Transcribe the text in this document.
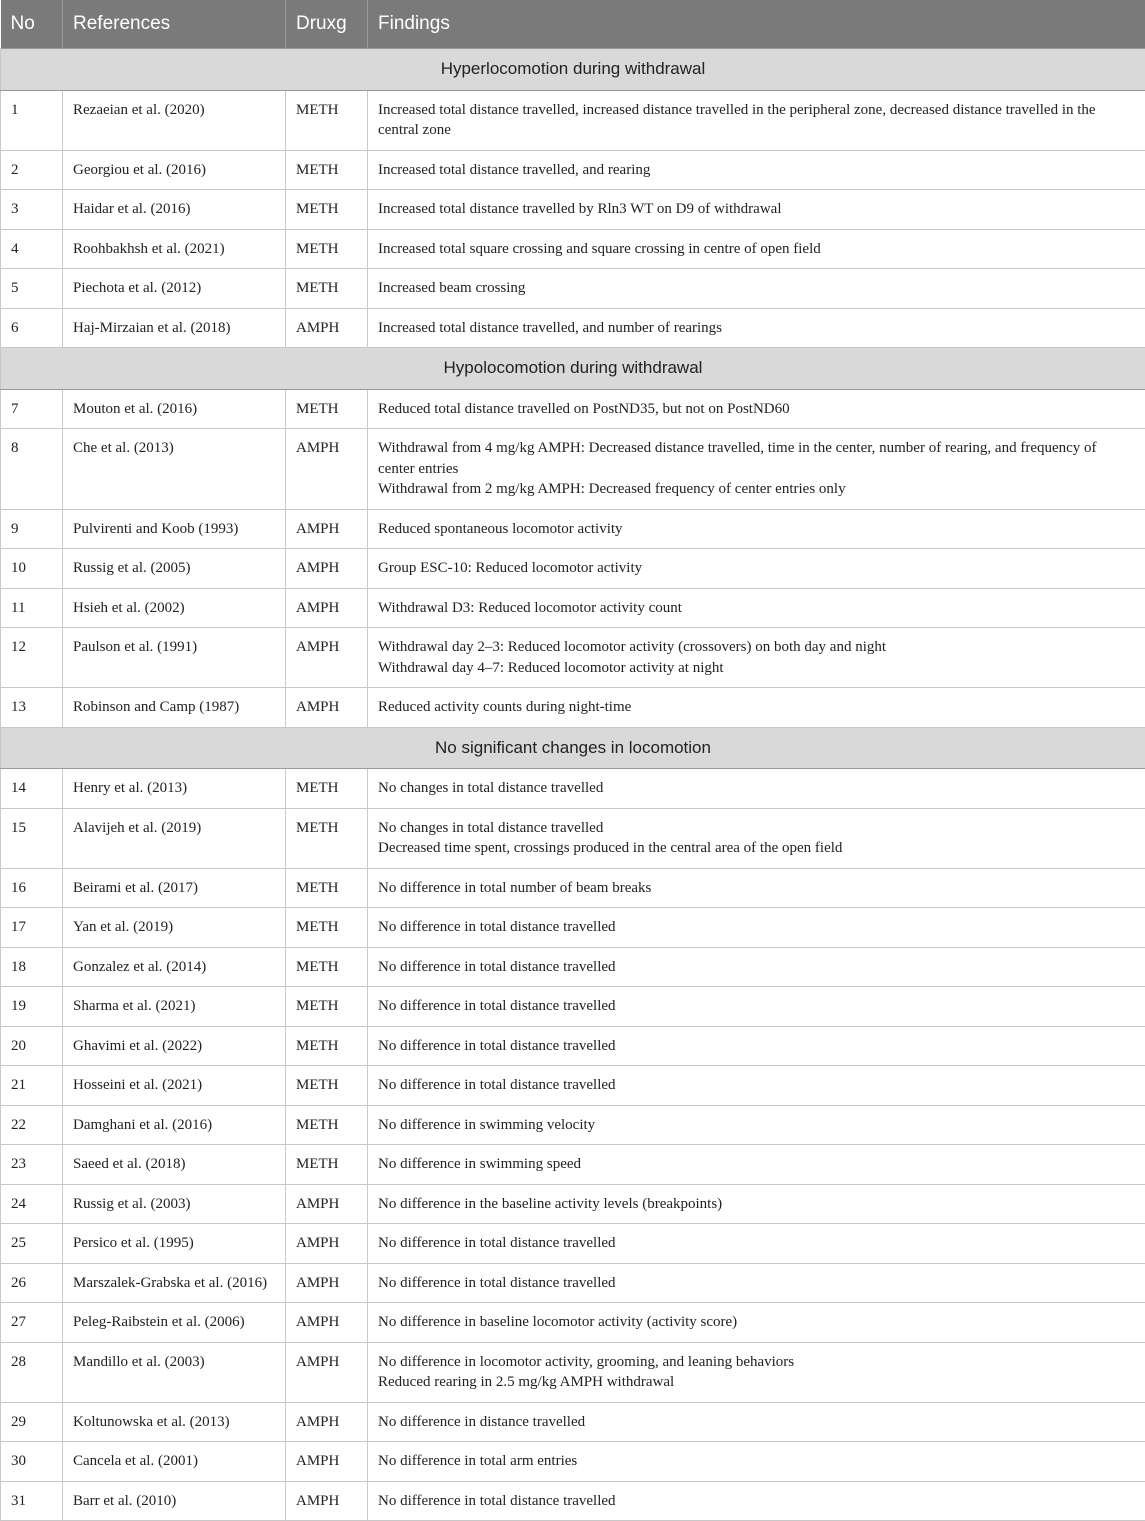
No	References	Druxg	Findings
Hyperlocomotion during withdrawal			
1	Rezaeian et al. (2020)	METH	Increased total distance travelled, increased distance travelled in the peripheral zone, decreased distance travelled in the central zone

2	Georgiou et al. (2016)	METH	Increased total distance travelled, and rearing

3	Haidar et al. (2016)	METH	Increased total distance travelled by Rln3 WT on D9 of withdrawal

4	Roohbakhsh et al. (2021)	METH	Increased total square crossing and square crossing in centre of open field

5	Piechota et al. (2012)	METH	Increased beam crossing

6	Haj-Mirzaian et al. (2018)	AMPH	Increased total distance travelled, and number of rearings

Hypolocomotion during withdrawal			
7	Mouton et al. (2016)	METH	Reduced total distance travelled on PostND35, but not on PostND60

8	Che et al. (2013)	AMPH	Withdrawal from 4 mg/kg AMPH: Decreased distance travelled, time in the center, number of rearing, and frequency of center entries
Withdrawal from 2 mg/kg AMPH: Decreased frequency of center entries only

9	Pulvirenti and Koob (1993)	AMPH	Reduced spontaneous locomotor activity

10	Russig et al. (2005)	AMPH	Group ESC-10: Reduced locomotor activity

11	Hsieh et al. (2002)	AMPH	Withdrawal D3: Reduced locomotor activity count

12	Paulson et al. (1991)	AMPH	Withdrawal day 2–3: Reduced locomotor activity (crossovers) on both day and night
Withdrawal day 4–7: Reduced locomotor activity at night

13	Robinson and Camp (1987)	AMPH	Reduced activity counts during night-time

No significant changes in locomotion			
14	Henry et al. (2013)	METH	No changes in total distance travelled

15	Alavijeh et al. (2019)	METH	No changes in total distance travelled
Decreased time spent, crossings produced in the central area of the open field

16	Beirami et al. (2017)	METH	No difference in total number of beam breaks

17	Yan et al. (2019)	METH	No difference in total distance travelled

18	Gonzalez et al. (2014)	METH	No difference in total distance travelled

19	Sharma et al. (2021)	METH	No difference in total distance travelled

20	Ghavimi et al. (2022)	METH	No difference in total distance travelled

21	Hosseini et al. (2021)	METH	No difference in total distance travelled

22	Damghani et al. (2016)	METH	No difference in swimming velocity

23	Saeed et al. (2018)	METH	No difference in swimming speed

24	Russig et al. (2003)	AMPH	No difference in the baseline activity levels (breakpoints)

25	Persico et al. (1995)	AMPH	No difference in total distance travelled

26	Marszalek-Grabska et al. (2016)	AMPH	No difference in total distance travelled

27	Peleg-Raibstein et al. (2006)	AMPH	No difference in baseline locomotor activity (activity score)

28	Mandillo et al. (2003)	AMPH	No difference in locomotor activity, grooming, and leaning behaviors
Reduced rearing in 2.5 mg/kg AMPH withdrawal

29	Koltunowska et al. (2013)	AMPH	No difference in distance travelled

30	Cancela et al. (2001)	AMPH	No difference in total arm entries

31	Barr et al. (2010)	AMPH	No difference in total distance travelled
